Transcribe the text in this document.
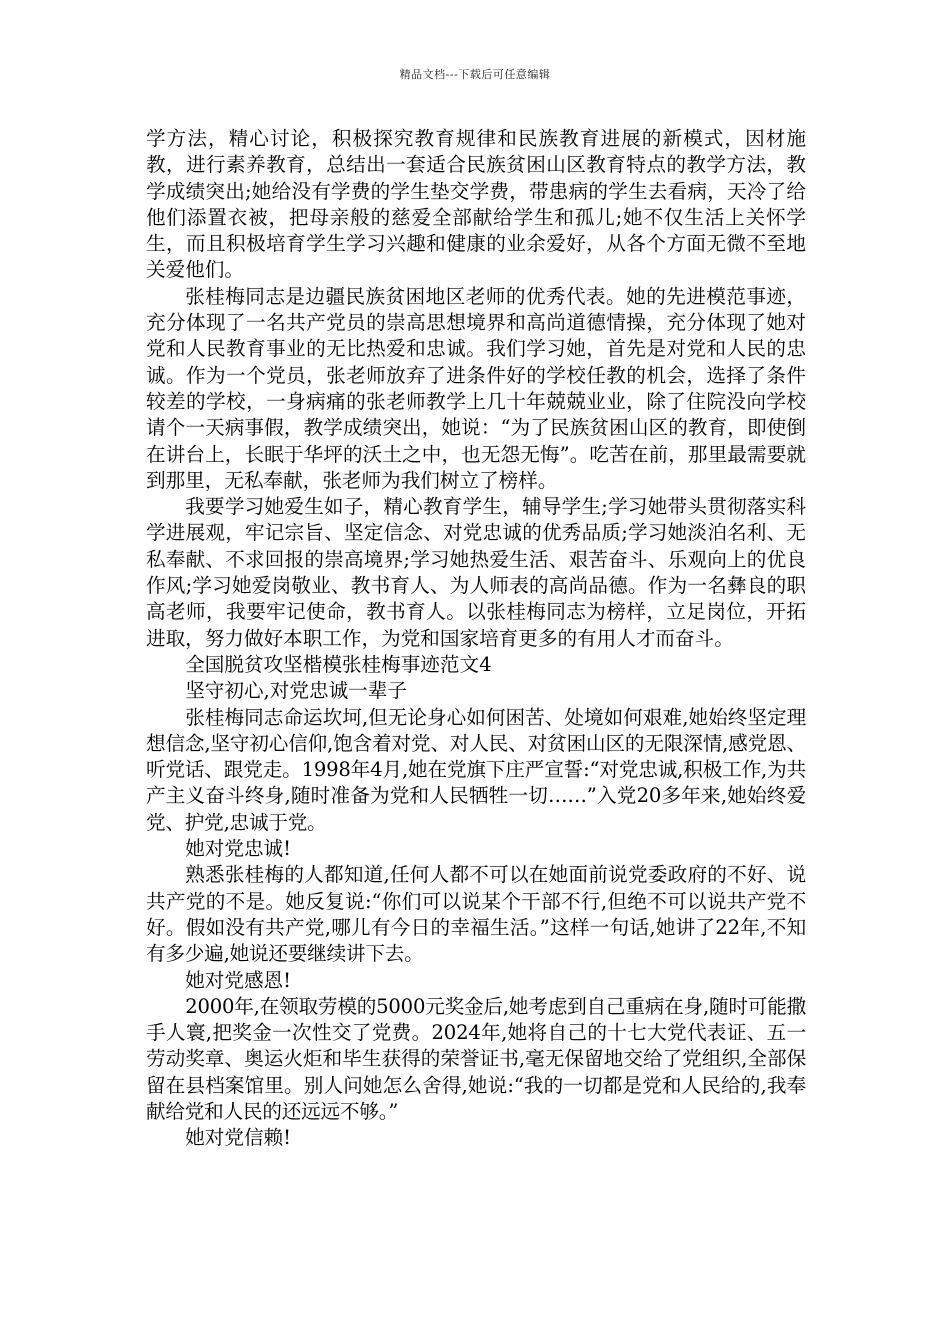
精品文档---下载后可任意编辑

学方法，精心讨论，积极探究教育规律和民族教育进展的新模式，因材施教，进行素养教育，总结出一套适合民族贫困山区教育特点的教学方法，教学成绩突出;她给没有学费的学生垫交学费，带患病的学生去看病，天冷了给他们添置衣被，把母亲般的慈爱全部献给学生和孤儿;她不仅生活上关怀学生，而且积极培育学生学习兴趣和健康的业余爱好，从各个方面无微不至地关爱他们。

张桂梅同志是边疆民族贫困地区老师的优秀代表。她的先进模范事迹，充分体现了一名共产党员的崇高思想境界和高尚道德情操，充分体现了她对党和人民教育事业的无比热爱和忠诚。我们学习她，首先是对党和人民的忠诚。作为一个党员，张老师放弃了进条件好的学校任教的机会，选择了条件较差的学校，一身病痛的张老师教学上几十年兢兢业业，除了住院没向学校请个一天病事假，教学成绩突出，她说：“为了民族贫困山区的教育，即使倒在讲台上，长眠于华坪的沃土之中，也无怨无悔”。吃苦在前，那里最需要就到那里，无私奉献，张老师为我们树立了榜样。

我要学习她爱生如子，精心教育学生，辅导学生;学习她带头贯彻落实科学进展观，牢记宗旨、坚定信念、对党忠诚的优秀品质;学习她淡泊名利、无私奉献、不求回报的崇高境界;学习她热爱生活、艰苦奋斗、乐观向上的优良作风;学习她爱岗敬业、教书育人、为人师表的高尚品德。作为一名彝良的职高老师，我要牢记使命，教书育人。以张桂梅同志为榜样，立足岗位，开拓进取，努力做好本职工作，为党和国家培育更多的有用人才而奋斗。

全国脱贫攻坚楷模张桂梅事迹范文4

坚守初心,对党忠诚一辈子

张桂梅同志命运坎坷,但无论身心如何困苦、处境如何艰难,她始终坚定理想信念,坚守初心信仰,饱含着对党、对人民、对贫困山区的无限深情,感党恩、听党话、跟党走。1998年4月,她在党旗下庄严宣誓:“对党忠诚,积极工作,为共产主义奋斗终身,随时准备为党和人民牺牲一切……”入党20多年来,她始终爱党、护党,忠诚于党。

她对党忠诚!

熟悉张桂梅的人都知道,任何人都不可以在她面前说党委政府的不好、说共产党的不是。她反复说:“你们可以说某个干部不行,但绝不可以说共产党不好。假如没有共产党,哪儿有今日的幸福生活。”这样一句话,她讲了22年,不知有多少遍,她说还要继续讲下去。

她对党感恩!

2000年,在领取劳模的5000元奖金后,她考虑到自己重病在身,随时可能撒手人寰,把奖金一次性交了党费。2024年,她将自己的十七大党代表证、五一劳动奖章、奥运火炬和毕生获得的荣誉证书,毫无保留地交给了党组织,全部保留在县档案馆里。别人问她怎么舍得,她说:“我的一切都是党和人民给的,我奉献给党和人民的还远远不够。”

她对党信赖!
